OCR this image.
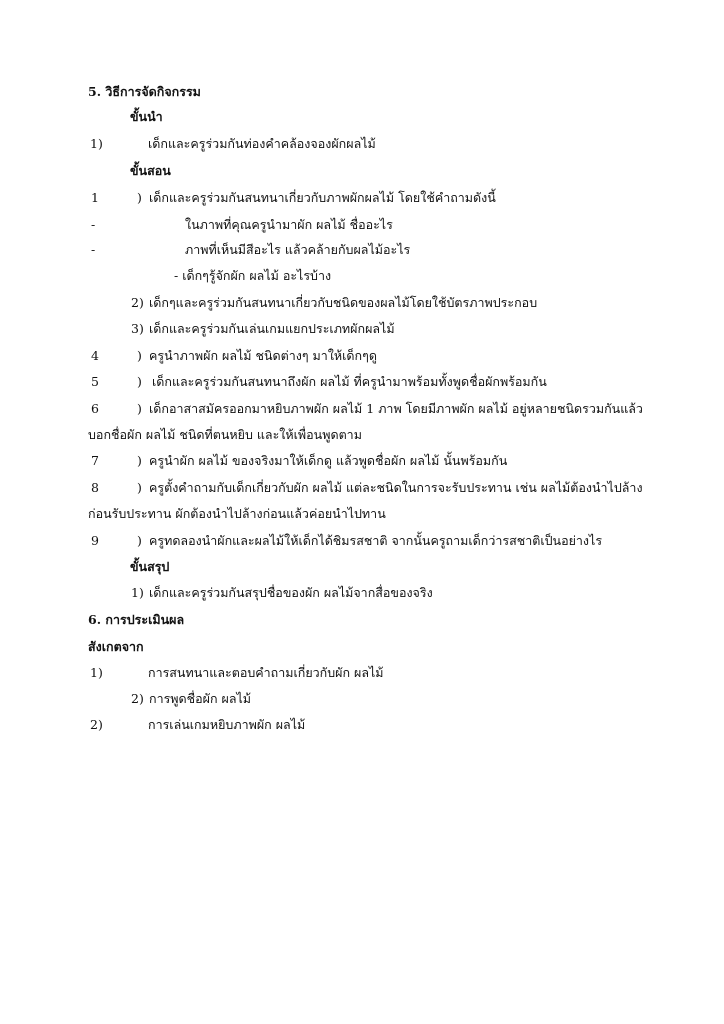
5. วิธีการจัดกิจกรรม
ขั้นนำ
1)	เด็กและครูร่วมกันท่องคำคล้องจองผักผลไม้
ขั้นสอน
1	) เด็กและครูร่วมกันสนทนาเกี่ยวกับภาพผักผลไม้ โดยใช้คำถามดังนี้
-	ในภาพที่คุณครูนำมาผัก ผลไม้ ชื่ออะไร
-	ภาพที่เห็นมีสีอะไร แล้วคล้ายกับผลไม้อะไร
- เด็กๆรู้จักผัก ผลไม้ อะไรบ้าง
2) เด็กๆและครูร่วมกันสนทนาเกี่ยวกับชนิดของผลไม้โดยใช้บัตรภาพประกอบ
3) เด็กและครูร่วมกันเล่นเกมแยกประเภทผักผลไม้
4	) ครูนำภาพผัก ผลไม้ ชนิดต่างๆ มาให้เด็กๆดู
5	) เด็กและครูร่วมกันสนทนาถึงผัก ผลไม้ ที่ครูนำมาพร้อมทั้งพูดชื่อผักพร้อมกัน
6	) เด็กอาสาสมัครออกมาหยิบภาพผัก ผลไม้ 1 ภาพ โดยมีภาพผัก ผลไม้ อยู่หลายชนิดรวมกันแล้ว
บอกชื่อผัก ผลไม้ ชนิดที่ตนหยิบ และให้เพื่อนพูดตาม
7	) ครูนำผัก ผลไม้ ของจริงมาให้เด็กดู แล้วพูดชื่อผัก ผลไม้ นั้นพร้อมกัน
8	) ครูตั้งคำถามกับเด็กเกี่ยวกับผัก ผลไม้ แต่ละชนิดในการจะรับประทาน เช่น ผลไม้ต้องนำไปล้าง
ก่อนรับประทาน ผักต้องนำไปล้างก่อนแล้วค่อยนำไปทาน
9	) ครูทดลองนำผักและผลไม้ให้เด็กได้ชิมรสชาติ จากนั้นครูถามเด็กว่ารสชาติเป็นอย่างไร
ขั้นสรุป
1) เด็กและครูร่วมกันสรุปชื่อของผัก ผลไม้จากสื่อของจริง
6. การประเมินผล
สังเกตจาก
1)	การสนทนาและตอบคำถามเกี่ยวกับผัก ผลไม้
2) การพูดชื่อผัก ผลไม้
2)	การเล่นเกมหยิบภาพผัก ผลไม้
